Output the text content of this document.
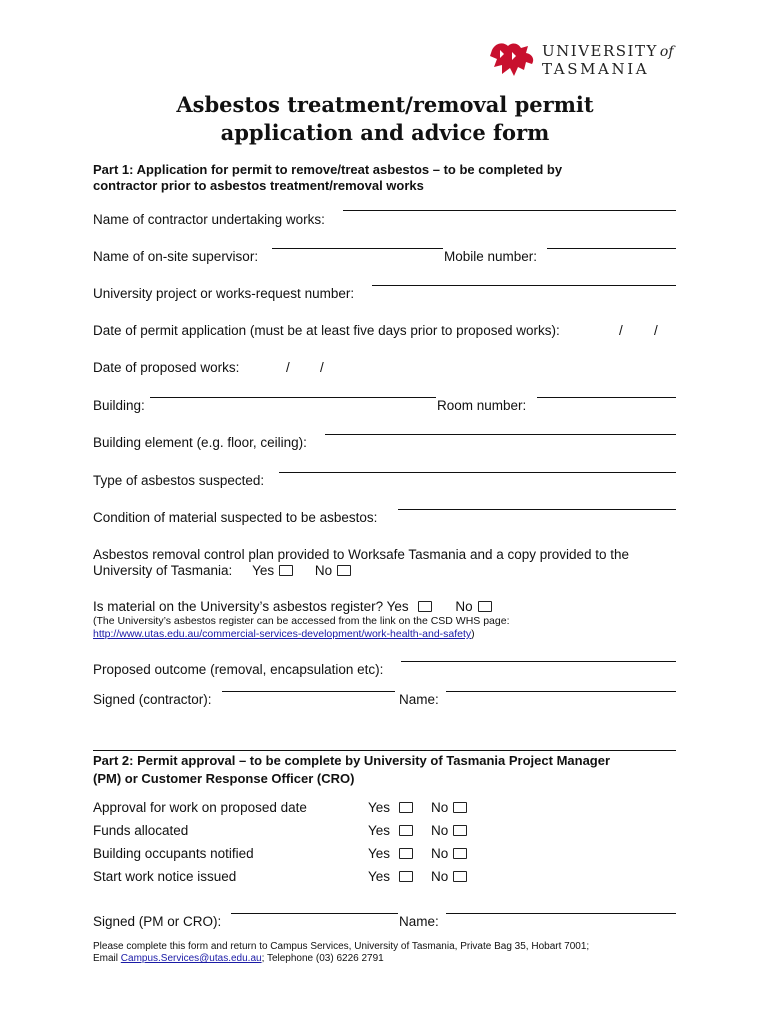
UNIVERSITY of
TASMANIA
Asbestos treatment/removal permit
application and advice form
Part 1: Application for permit to remove/treat asbestos – to be completed by
contractor prior to asbestos treatment/removal works
Name of contractor undertaking works:
Name of on-site supervisor:	Mobile number:
University project or works-request number:
Date of permit application (must be at least five days prior to proposed works):	/ /
Date of proposed works:	/ /
Building:	Room number:
Building element (e.g. floor, ceiling):
Type of asbestos suspected:
Condition of material suspected to be asbestos:
Asbestos removal control plan provided to Worksafe Tasmania and a copy provided to the
University of Tasmania: Yes	No
Is material on the University’s asbestos register? Yes	No
(The University’s asbestos register can be accessed from the link on the CSD WHS page:
http://www.utas.edu.au/commercial-services-development/work-health-and-safety)
Proposed outcome (removal, encapsulation etc):
Signed (contractor):	Name:
Part 2: Permit approval – to be complete by University of Tasmania Project Manager
(PM) or Customer Response Officer (CRO)
Approval for work on proposed date	Yes	No
Funds allocated	Yes	No
Building occupants notified	Yes	No
Start work notice issued	Yes	No
Signed (PM or CRO):	Name:
Please complete this form and return to Campus Services, University of Tasmania, Private Bag 35, Hobart 7001;
Email Campus.Services@utas.edu.au; Telephone (03) 6226 2791
